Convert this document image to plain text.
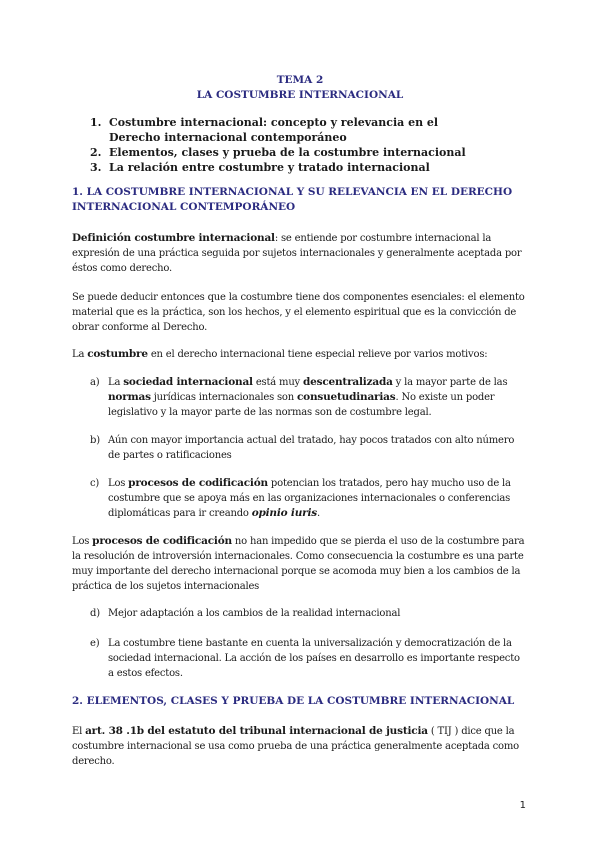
TEMA 2
LA COSTUMBRE INTERNACIONAL
1. Costumbre internacional: concepto y relevancia en el Derecho internacional contemporáneo
2. Elementos, clases y prueba de la costumbre internacional
3. La relación entre costumbre y tratado internacional
1. LA COSTUMBRE INTERNACIONAL Y SU RELEVANCIA EN EL DERECHO INTERNACIONAL CONTEMPORÁNEO
Definición costumbre internacional: se entiende por costumbre internacional la expresión de una práctica seguida por sujetos internacionales y generalmente aceptada por éstos como derecho.
Se puede deducir entonces que la costumbre tiene dos componentes esenciales: el elemento material que es la práctica, son los hechos, y el elemento espiritual que es la convicción de obrar conforme al Derecho.
La costumbre en el derecho internacional tiene especial relieve por varios motivos:
a) La sociedad internacional está muy descentralizada y la mayor parte de las normas jurídicas internacionales son consuetudinarias. No existe un poder legislativo y la mayor parte de las normas son de costumbre legal.
b) Aún con mayor importancia actual del tratado, hay pocos tratados con alto número de partes o ratificaciones
c) Los procesos de codificación potencian los tratados, pero hay mucho uso de la costumbre que se apoya más en las organizaciones internacionales o conferencias diplomáticas para ir creando opinio iuris.
Los procesos de codificación no han impedido que se pierda el uso de la costumbre para la resolución de introversión internacionales. Como consecuencia la costumbre es una parte muy importante del derecho internacional porque se acomoda muy bien a los cambios de la práctica de los sujetos internacionales
d) Mejor adaptación a los cambios de la realidad internacional
e) La costumbre tiene bastante en cuenta la universalización y democratización de la sociedad internacional. La acción de los países en desarrollo es importante respecto a estos efectos.
2. ELEMENTOS, CLASES Y PRUEBA DE LA COSTUMBRE INTERNACIONAL
El art. 38 .1b del estatuto del tribunal internacional de justicia ( TIJ ) dice que la costumbre internacional se usa como prueba de una práctica generalmente aceptada como derecho.
1
